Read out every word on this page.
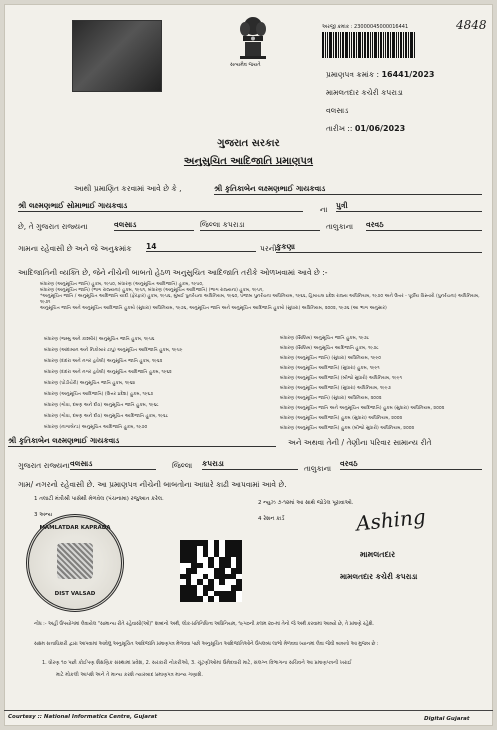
સત્યમેવ જયતે
અરજી ક્રમાંક : 23000045000016441	4848
પ્રમાણપત્ર ક્રમાંક : 16441/2023
મામલતદાર કચેરી કપરાડા
વલસાડ
તારીખ :: 01/06/2023
ગુજરાત સરકાર
અનુસુચિત આદિજાતિ પ્રમાણપત્ર
આથી પ્રમાણિત કરવામાં આવે છે કે ,	શ્રી કૃતિકાબેન લક્ષ્મણભાઈ ગાયકવાડ
શ્રી લક્ષ્મણભાઈ સોમાભાઈ ગાયકવાડ	ના પુત્રી
છે, તે ગુજરાત રાજ્યના	વલસાડ	જિલ્લા કપરાડા	તાલુકાના વરવઠ
ગામના રહેવાસી છે અને જે અનુક્રમાંક 14	પરની કુકણા
આદિજાતિની વ્યક્તિ છે, જેને નીચેની બાબતો હેઠળ અનુસુચિત આદિજાતિ તરીકે ઓળખવામાં આવે છે :-
બંધારણ (અનુસૂચિત જાતિ) હુકમ, ૧૯૫૦, બંધારણ (અનુસૂચિત આદિજાતિ) હુકમ, ૧૯૫૦,
બંધારણ (અનુસૂચિત જાતિ) (ભાગ રાજ્યના) હુકમ, ૧૯૫૧, બંધારણ (અનુસૂચિત આદિજાતિ) (ભાગ રાજ્યના) હુકમ, ૧૯૫૧,
*અનુસૂચિત જાતિ / અનુસૂચિત આદિજાતિ યાદી (ફેરફાર) હુકમ, ૧૯૫૬, મુંબઈ પુનર્રચના અધિનિયમ, ૧૯૬૦, પંજાબ પુનર્રચના અધિનિયમ, ૧૯૬૬, હિમાચલ પ્રદેશ રાજ્ય અધિનિયમ, ૧૯૭૦ અને ઉત્તર - પૂર્વીય વિસ્તારો (પુનર્રચના) અધિનિયમ, ૧૯૭૧
અનુસૂચિત જાતિ અને અનુસૂચિત આદિજાતિ હુકમો (સુધારા) અધિનિયમ, ૧૯૭૬, અનુસૂચિત જાતિ અને અનુસૂચિત આદિજાતિ હુકમો (સુધારા) અધિનિયમ, ૨૦૦૨, ૧૯૭૬ (આ ભાગ અનુસાર)
બંધારણ (જમ્મુ અને કાશ્મીર) અનુસૂચિત જાતિ હુકમ, ૧૯૫૬
બંધારણ (આંદામાન અને નિકોબાર ટાપુ) અનુસૂચિત આદિજાતિ હુકમ, ૧૯૫૯
બંધારણ (દાદરા અને નગર હવેલી) અનુસૂચિત જાતિ હુકમ, ૧૯૬૨
બંધારણ (દાદરા અને નગર હવેલી) અનુસૂચિત આદિજાતિ હુકમ, ૧૯૬૨
બંધારણ (પોંડીચેરી) અનુસૂચિત જાતિ હુકમ, ૧૯૬૪
બંધારણ (અનુસૂચિત આદિજાતિ) (ઉત્તર પ્રદેશ) હુકમ, ૧૯૬૭
બંધારણ (ગોવા, દમણ અને દીવ) અનુસૂચિત જાતિ હુકમ, ૧૯૬૮
બંધારણ (ગોવા, દમણ અને દીવ) અનુસૂચિત આદિજાતિ હુકમ, ૧૯૬૮
બંધારણ (નાગાલેન્ડ) અનુસૂચિત આદિજાતિ હુકમ, ૧૯૭૦
બંધારણ (સિક્કિમ) અનુસૂચિત જાતિ હુકમ, ૧૯૭૮
બંધારણ (સિક્કિમ) અનુસૂચિત આદિજાતિ હુકમ, ૧૯૭૮
બંધારણ (અનુસૂચિત જાતિ) (સુધારા) અધિનિયમ, ૧૯૯૦
બંધારણ (અનુસૂચિત આદિજાતિ) (સુધારા) હુકમ, ૧૯૯૧
બંધારણ (અનુસૂચિત આદિજાતિ) (બીજો સુધારો) અધિનિયમ, ૧૯૯૧
બંધારણ (અનુસૂચિત આદિજાતિ) (સુધારા) અધિનિયમ, ૧૯૯૭
બંધારણ (અનુસૂચિત જાતિ) (સુધારા) અધિનિયમ, ૨૦૦૨
બંધારણ (અનુસૂચિત જાતિ અને અનુસૂચિત આદિજાતિ) હુકમ (સુધારા) અધિનિયમ, ૨૦૦૨
બંધારણ (અનુસૂચિત આદિજાતિ) હુકમ (સુધારા) અધિનિયમ, ૨૦૦૨
બંધારણ (અનુસૂચિત આદિજાતિ) હુકમ (બીજો સુધારો) અધિનિયમ, ૨૦૦૨
શ્રી કૃતિકાબેન લક્ષ્મણભાઈ ગાયકવાડ	અને અથવા તેની / તેણીના પરિવાર સામાન્ય રીતે
ગુજરાત રાજ્યના વલસાડ	જિલ્લા કપરાડા
તાલુકાના
વરવઠ
ગામ/ નગરનો રહેવાસી છે. આ પ્રમાણપત્ર નીચેની બાબતોના આધારે કાઢી આપવામાં આવે છે.
1 તલાટી મંત્રીશ્રી પાસેથી મેળવેલ (પંચનામા) રજુઆત કરેલ.
2 ન્યુઝ ૭-૧૨માં આ સાથે જોડેલ પૂરાવાઓ.
3 અન્ય
4 રેશન કાર્ડ
MAMLATDAR KAPRADA
DIST VALSAD
Ashing
મામલતદાર
મામલતદાર કચેરી કપરાડા
નોંધ :- અહીં ઉપયોગમાં લેવાયેલ "સામાન્ય રીતે રહેવાસી(ઓ)" શબ્દનો અર્થ, લોક-પ્રતિનિધિત્વ અધિનિયમ, ૧૯૫૦ની કલમ ૨૦-માં તેનો જે અર્થ કરવામાં આવ્યો છે, તે પ્રમાણે રહેશે.
સક્ષમ સત્તાધિકારી દ્વારા આપવામાં આવેલું અનુસૂચિત આદિજાતિ પ્રમાણપત્ર મેળવવા પછી અનુસૂચિત આદિજાતિઓને ઉપલબ્ધ લાભો મેળવવા ધ્યાનમાં લેવા જેવી બાબતો આ મુજબ છે :
1. ધોરણ ૧૦ પછી કોઈપણ શૈક્ષણિક સંસ્થામાં પ્રવેશ, 2. સરકારી નોકરીઓ, 3. ચૂંટણીઓમાં ઉમેદવારી માટે, સંલગ્ન વિભાગના સચિવને આ પ્રમાણપત્રની ખરાઈ
માટે મોકલી આપશે અને તે માન્ય કરશે ત્યારબાદ પ્રમાણપત્ર માન્ય ગણાશે.
Courtesy :: National Informatics Centre, Gujarat	Digital Gujarat
